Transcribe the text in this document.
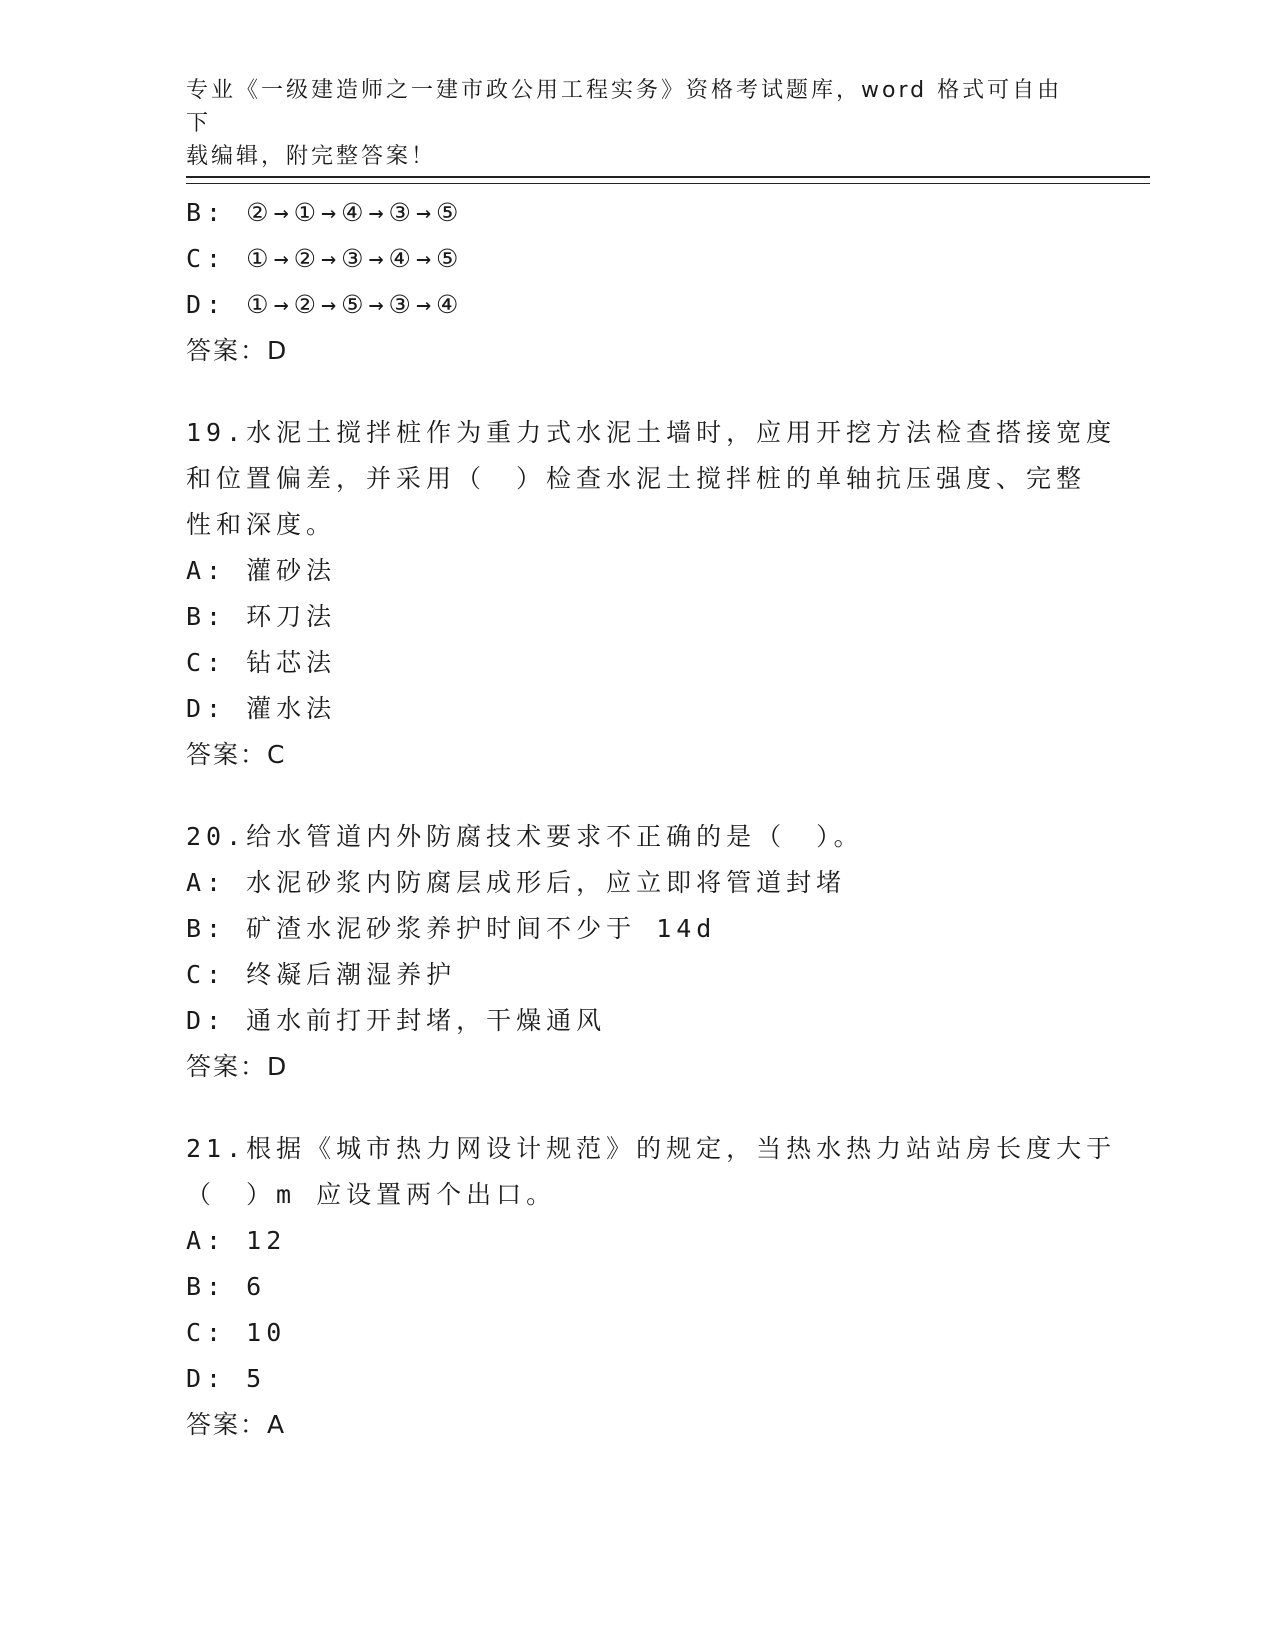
专业《一级建造师之一建市政公用工程实务》资格考试题库，word 格式可自由下
载编辑，附完整答案！
B: ②→①→④→③→⑤
C: ①→②→③→④→⑤
D: ①→②→⑤→③→④
答案：D
19.水泥土搅拌桩作为重力式水泥土墙时，应用开挖方法检查搭接宽度
和位置偏差，并采用（　）检查水泥土搅拌桩的单轴抗压强度、完整
性和深度。
A: 灌砂法
B: 环刀法
C: 钻芯法
D: 灌水法
答案：C
20.给水管道内外防腐技术要求不正确的是（　）。
A: 水泥砂浆内防腐层成形后，应立即将管道封堵
B: 矿渣水泥砂浆养护时间不少于 14d
C: 终凝后潮湿养护
D: 通水前打开封堵，干燥通风
答案：D
21.根据《城市热力网设计规范》的规定，当热水热力站站房长度大于
（　）m 应设置两个出口。
A: 12
B: 6
C: 10
D: 5
答案：A
